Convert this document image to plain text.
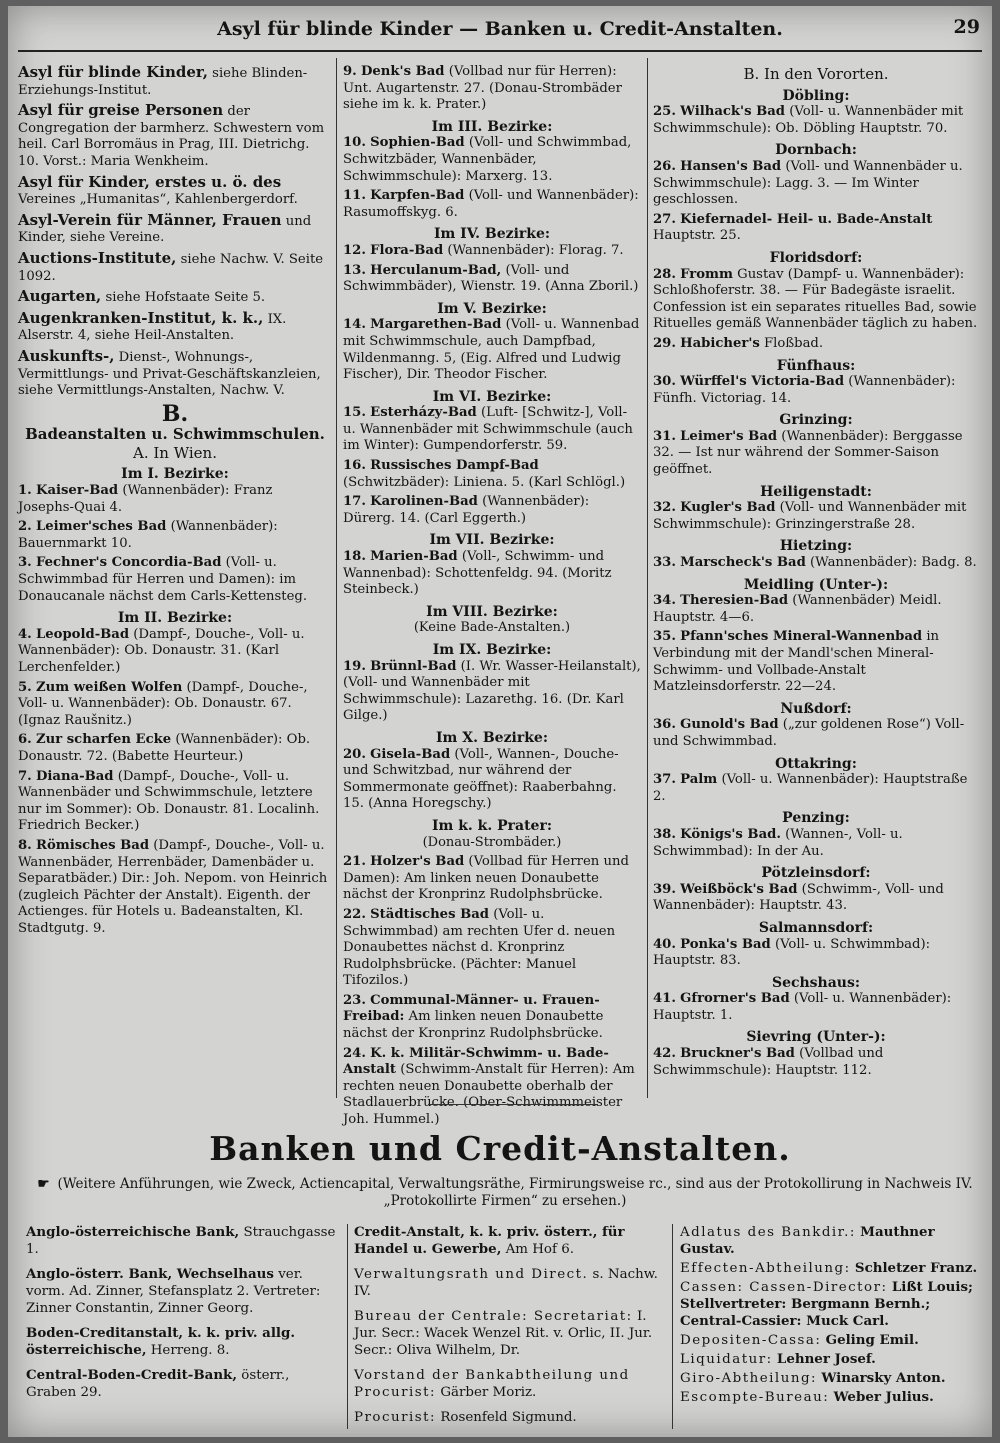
Asyl für blinde Kinder — Banken u. Credit-Anstalten.	29
Asyl für blinde Kinder, siehe Blinden-Erziehungs-Institut.
Asyl für greise Personen der Congregation der barmherz. Schwestern vom heil. Carl Borromäus in Prag, III. Dietrichg. 10. Vorst.: Maria Wenkheim.
Asyl für Kinder, erstes u. ö. des Vereines „Humanitas“, Kahlenbergerdorf.
Asyl-Verein für Männer, Frauen und Kinder, siehe Vereine.
Auctions-Institute, siehe Nachw. V. Seite 1092.
Augarten, siehe Hofstaate Seite 5.
Augenkranken-Institut, k. k., IX. Alserstr. 4, siehe Heil-Anstalten.
Auskunfts-, Dienst-, Wohnungs-, Vermittlungs- und Privat-Geschäftskanzleien, siehe Vermittlungs-Anstalten, Nachw. V.
B.
Badeanstalten u. Schwimmschulen.
A. In Wien.
Im I. Bezirke:
1. Kaiser-Bad (Wannenbäder): Franz Josephs-Quai 4.
2. Leimer'sches Bad (Wannenbäder): Bauernmarkt 10.
3. Fechner's Concordia-Bad (Voll- u. Schwimmbad für Herren und Damen): im Donaucanale nächst dem Carls-Kettensteg.
Im II. Bezirke:
4. Leopold-Bad (Dampf-, Douche-, Voll- u. Wannenbäder): Ob. Donaustr. 31. (Karl Lerchenfelder.)
5. Zum weißen Wolfen (Dampf-, Douche-, Voll- u. Wannenbäder): Ob. Donaustr. 67. (Ignaz Raušnitz.)
6. Zur scharfen Ecke (Wannenbäder): Ob. Donaustr. 72. (Babette Heurteur.)
7. Diana-Bad (Dampf-, Douche-, Voll- u. Wannenbäder und Schwimmschule, letztere nur im Sommer): Ob. Donaustr. 81. Localinh. Friedrich Becker.)
8. Römisches Bad (Dampf-, Douche-, Voll- u. Wannenbäder, Herrenbäder, Damenbäder u. Separatbäder.) Dir.: Joh. Nepom. von Heinrich (zugleich Pächter der Anstalt). Eigenth. der Actienges. für Hotels u. Badeanstalten, Kl. Stadtgutg. 9.
9. Denk's Bad (Vollbad nur für Herren): Unt. Augartenstr. 27. (Donau-Strombäder siehe im k. k. Prater.)
Im III. Bezirke:
10. Sophien-Bad (Voll- und Schwimmbad, Schwitzbäder, Wannenbäder, Schwimmschule): Marxerg. 13.
11. Karpfen-Bad (Voll- und Wannenbäder): Rasumoffskyg. 6.
Im IV. Bezirke:
12. Flora-Bad (Wannenbäder): Florag. 7.
13. Herculanum-Bad, (Voll- und Schwimmbäder), Wienstr. 19. (Anna Zboril.)
Im V. Bezirke:
14. Margarethen-Bad (Voll- u. Wannenbad mit Schwimmschule, auch Dampfbad, Wildenmanng. 5, (Eig. Alfred und Ludwig Fischer), Dir. Theodor Fischer.
Im VI. Bezirke:
15. Esterházy-Bad (Luft- [Schwitz-], Voll- u. Wannenbäder mit Schwimmschule (auch im Winter): Gumpendorferstr. 59.
16. Russisches Dampf-Bad (Schwitzbäder): Liniena. 5. (Karl Schlögl.)
17. Karolinen-Bad (Wannenbäder): Dürerg. 14. (Carl Eggerth.)
Im VII. Bezirke:
18. Marien-Bad (Voll-, Schwimm- und Wannenbad): Schottenfeldg. 94. (Moritz Steinbeck.)
Im VIII. Bezirke:
(Keine Bade-Anstalten.)
Im IX. Bezirke:
19. Brünnl-Bad (I. Wr. Wasser-Heilanstalt), (Voll- und Wannenbäder mit Schwimmschule): Lazarethg. 16. (Dr. Karl Gilge.)
Im X. Bezirke:
20. Gisela-Bad (Voll-, Wannen-, Douche- und Schwitzbad, nur während der Sommermonate geöffnet): Raaberbahng. 15. (Anna Horegschy.)
Im k. k. Prater:
(Donau-Strombäder.)
21. Holzer's Bad (Vollbad für Herren und Damen): Am linken neuen Donaubette nächst der Kronprinz Rudolphsbrücke.
22. Städtisches Bad (Voll- u. Schwimmbad) am rechten Ufer d. neuen Donaubettes nächst d. Kronprinz Rudolphsbrücke. (Pächter: Manuel Tifozilos.)
23. Communal-Männer- u. Frauen-Freibad: Am linken neuen Donaubette nächst der Kronprinz Rudolphsbrücke.
24. K. k. Militär-Schwimm- u. Bade-Anstalt (Schwimm-Anstalt für Herren): Am rechten neuen Donaubette oberhalb der Stadlauerbrücke. (Ober-Schwimmmeister Joh. Hummel.)
B. In den Vororten.
Döbling:
25. Wilhack's Bad (Voll- u. Wannenbäder mit Schwimmschule): Ob. Döbling Hauptstr. 70.
Dornbach:
26. Hansen's Bad (Voll- und Wannenbäder u. Schwimmschule): Lagg. 3. — Im Winter geschlossen.
27. Kiefernadel- Heil- u. Bade-Anstalt Hauptstr. 25.
Floridsdorf:
28. Fromm Gustav (Dampf- u. Wannenbäder): Schloßhoferstr. 38. — Für Badegäste israelit. Confession ist ein separates rituelles Bad, sowie Rituelles gemäß Wannenbäder täglich zu haben.
29. Habicher's Floßbad.
Fünfhaus:
30. Würffel's Victoria-Bad (Wannenbäder): Fünfh. Victoriag. 14.
Grinzing:
31. Leimer's Bad (Wannenbäder): Berggasse 32. — Ist nur während der Sommer-Saison geöffnet.
Heiligenstadt:
32. Kugler's Bad (Voll- und Wannenbäder mit Schwimmschule): Grinzingerstraße 28.
Hietzing:
33. Marscheck's Bad (Wannenbäder): Badg. 8.
Meidling (Unter-):
34. Theresien-Bad (Wannenbäder) Meidl. Hauptstr. 4—6.
35. Pfann'sches Mineral-Wannenbad in Verbindung mit der Mandl'schen Mineral-Schwimm- und Vollbade-Anstalt Matzleinsdorferstr. 22—24.
Nußdorf:
36. Gunold's Bad („zur goldenen Rose“) Voll- und Schwimmbad.
Ottakring:
37. Palm (Voll- u. Wannenbäder): Hauptstraße 2.
Penzing:
38. Königs's Bad. (Wannen-, Voll- u. Schwimmbad): In der Au.
Pötzleinsdorf:
39. Weißböck's Bad (Schwimm-, Voll- und Wannenbäder): Hauptstr. 43.
Salmannsdorf:
40. Ponka's Bad (Voll- u. Schwimmbad): Hauptstr. 83.
Sechshaus:
41. Gfrorner's Bad (Voll- u. Wannenbäder): Hauptstr. 1.
Sievring (Unter-):
42. Bruckner's Bad (Vollbad und Schwimmschule): Hauptstr. 112.
Banken und Credit-Anstalten.
☛ (Weitere Anführungen, wie Zweck, Actiencapital, Verwaltungsräthe, Firmirungsweise rc., sind aus der Protokollirung in Nachweis IV. „Protokollirte Firmen“ zu ersehen.)
Anglo-österreichische Bank, Strauchgasse 1.
Anglo-österr. Bank, Wechselhaus ver. vorm. Ad. Zinner, Stefansplatz 2. Vertreter: Zinner Constantin, Zinner Georg.
Boden-Creditanstalt, k. k. priv. allg. österreichische, Herreng. 8.
Central-Boden-Credit-Bank, österr., Graben 29.
Credit-Anstalt, k. k. priv. österr., für Handel u. Gewerbe, Am Hof 6.
Verwaltungsrath und Direct. s. Nachw. IV.
Bureau der Centrale: Secretariat: I. Jur. Secr.: Wacek Wenzel Rit. v. Orlic, II. Jur. Secr.: Oliva Wilhelm, Dr.
Vorstand der Bankabtheilung und Procurist: Gärber Moriz.
Procurist: Rosenfeld Sigmund.
Adlatus des Bankdir.: Mauthner Gustav.
Effecten-Abtheilung: Schletzer Franz.
Cassen: Cassen-Director: Lißt Louis; Stellvertreter: Bergmann Bernh.; Central-Cassier: Muck Carl.
Depositen-Cassa: Geling Emil.
Liquidatur: Lehner Josef.
Giro-Abtheilung: Winarsky Anton.
Escompte-Bureau: Weber Julius.
